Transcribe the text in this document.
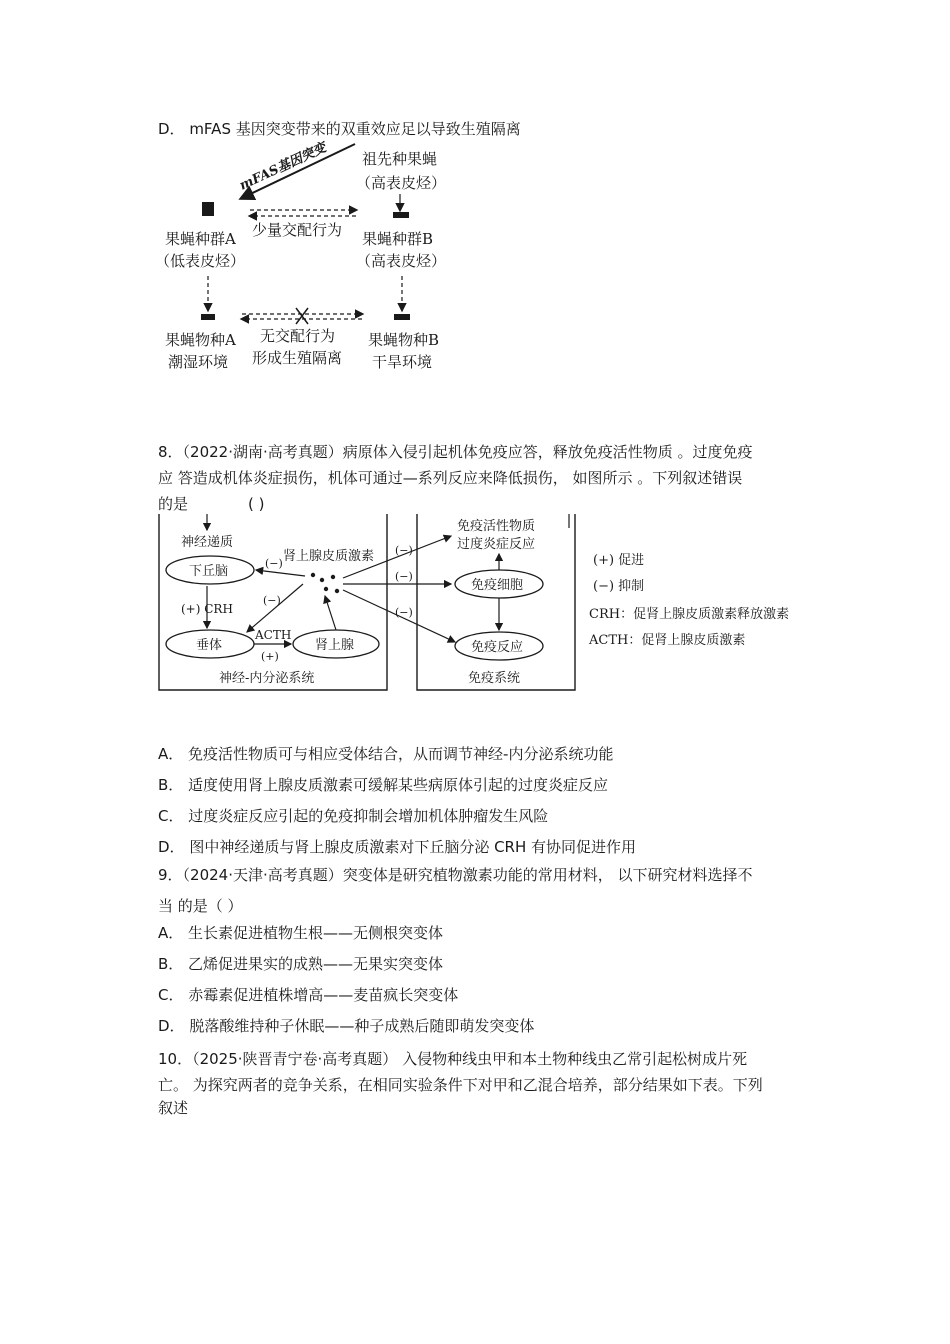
D． mFAS 基因突变带来的双重效应足以导致生殖隔离
mFAS基因突变 祖先种果蝇
（高表皮烃）
少量交配行为
果蝇种群A
（低表皮烃）
果蝇种群B
（高表皮烃）
果蝇物种A
潮湿环境
无交配行为
形成生殖隔离
果蝇物种B
干旱环境
8．（2022·湖南·高考真题）病原体入侵引起机体免疫应答，释放免疫活性物质 。过度免疫
应 答造成机体炎症损伤，机体可通过—系列反应来降低损伤， 如图所示 。下列叙述错误
的是	( )
神经递质
下丘脑
(+) CRH
垂体
ACTH
(+)
肾上腺
肾上腺皮质激素
(−)
(−)
(−)
(−)
(−)
免疫活性物质
过度炎症反应
免疫细胞
免疫反应
神经-内分泌系统	免疫系统
(+) 促进
(−) 抑制
CRH：促肾上腺皮质激素释放激素
ACTH：促肾上腺皮质激素
A． 免疫活性物质可与相应受体结合，从而调节神经-内分泌系统功能
B． 适度使用肾上腺皮质激素可缓解某些病原体引起的过度炎症反应
C． 过度炎症反应引起的免疫抑制会增加机体肿瘤发生风险
D． 图中神经递质与肾上腺皮质激素对下丘脑分泌 CRH 有协同促进作用
9．（2024·天津·高考真题）突变体是研究植物激素功能的常用材料， 以下研究材料选择不
当 的是（ ）
A． 生长素促进植物生根——无侧根突变体
B． 乙烯促进果实的成熟——无果实突变体
C． 赤霉素促进植株增高——麦苗疯长突变体
D． 脱落酸维持种子休眠——种子成熟后随即萌发突变体
10．（2025·陕晋青宁卷·高考真题） 入侵物种线虫甲和本土物种线虫乙常引起松树成片死
亡。 为探究两者的竞争关系，在相同实验条件下对甲和乙混合培养，部分结果如下表。下列
叙述
